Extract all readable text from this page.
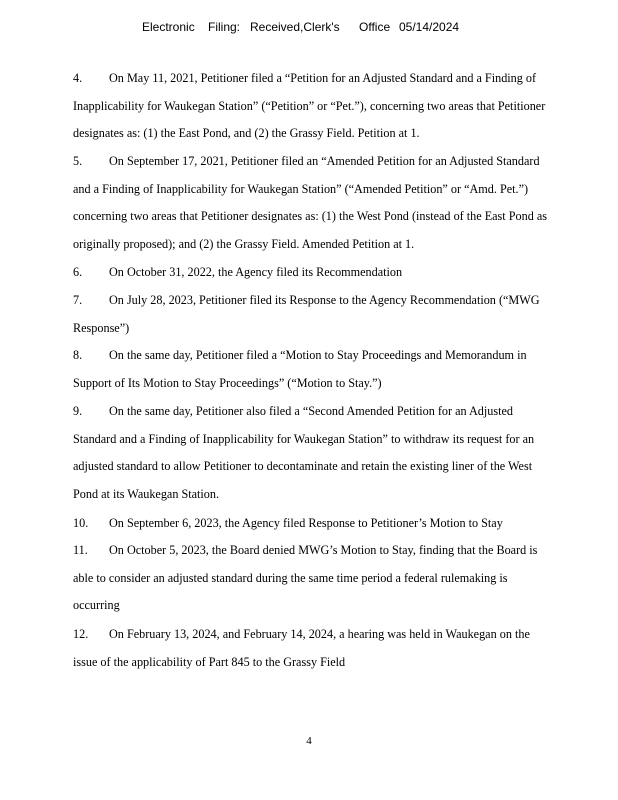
Electronic Filing: Received,Clerk's Office 05/14/2024
4. On May 11, 2021, Petitioner filed a “Petition for an Adjusted Standard and a Finding of
Inapplicability for Waukegan Station” (“Petition” or “Pet.”), concerning two areas that Petitioner
designates as: (1) the East Pond, and (2) the Grassy Field. Petition at 1.
5. On September 17, 2021, Petitioner filed an “Amended Petition for an Adjusted Standard
and a Finding of Inapplicability for Waukegan Station” (“Amended Petition” or “Amd. Pet.”)
concerning two areas that Petitioner designates as: (1) the West Pond (instead of the East Pond as
originally proposed); and (2) the Grassy Field. Amended Petition at 1.
6. On October 31, 2022, the Agency filed its Recommendation
7. On July 28, 2023, Petitioner filed its Response to the Agency Recommendation (“MWG
Response”)
8. On the same day, Petitioner filed a “Motion to Stay Proceedings and Memorandum in
Support of Its Motion to Stay Proceedings” (“Motion to Stay.”)
9. On the same day, Petitioner also filed a “Second Amended Petition for an Adjusted
Standard and a Finding of Inapplicability for Waukegan Station” to withdraw its request for an
adjusted standard to allow Petitioner to decontaminate and retain the existing liner of the West
Pond at its Waukegan Station.
10. On September 6, 2023, the Agency filed Response to Petitioner’s Motion to Stay
11. On October 5, 2023, the Board denied MWG’s Motion to Stay, finding that the Board is
able to consider an adjusted standard during the same time period a federal rulemaking is
occurring
12. On February 13, 2024, and February 14, 2024, a hearing was held in Waukegan on the
issue of the applicability of Part 845 to the Grassy Field
4
